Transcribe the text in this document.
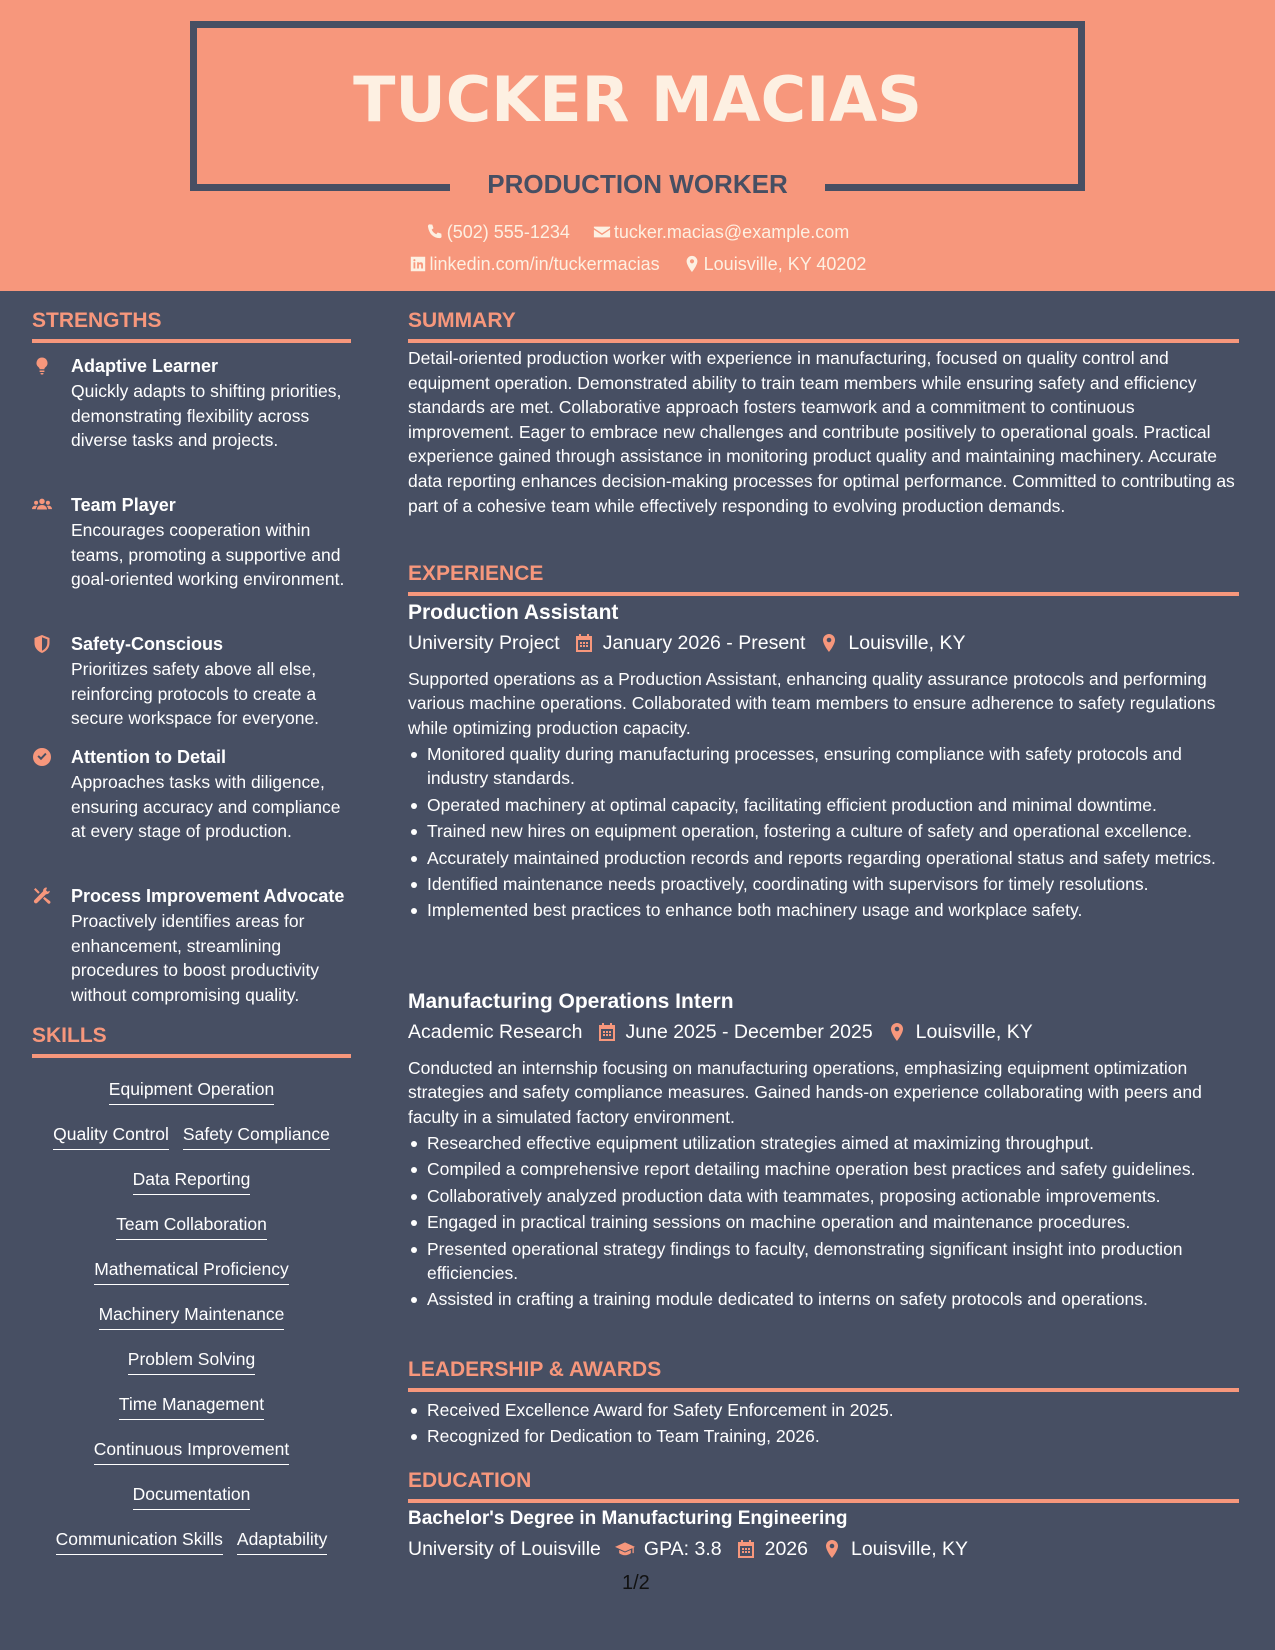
TUCKER MACIAS
PRODUCTION WORKER
(502) 555-1234
tucker.macias@example.com
linkedin.com/in/tuckermacias
Louisville, KY 40202
STRENGTHS
Adaptive Learner
Quickly adapts to shifting priorities, demonstrating flexibility across diverse tasks and projects.
Team Player
Encourages cooperation within teams, promoting a supportive and goal-oriented working environment.
Safety-Conscious
Prioritizes safety above all else, reinforcing protocols to create a secure workspace for everyone.
Attention to Detail
Approaches tasks with diligence, ensuring accuracy and compliance at every stage of production.
Process Improvement Advocate
Proactively identifies areas for enhancement, streamlining procedures to boost productivity without compromising quality.
SKILLS
Equipment Operation
Quality Control Safety Compliance
Data Reporting
Team Collaboration
Mathematical Proficiency
Machinery Maintenance
Problem Solving
Time Management
Continuous Improvement
Documentation
Communication Skills Adaptability
SUMMARY
Detail-oriented production worker with experience in manufacturing, focused on quality control and equipment operation. Demonstrated ability to train team members while ensuring safety and efficiency standards are met. Collaborative approach fosters teamwork and a commitment to continuous improvement. Eager to embrace new challenges and contribute positively to operational goals. Practical experience gained through assistance in monitoring product quality and maintaining machinery. Accurate data reporting enhances decision-making processes for optimal performance. Committed to contributing as part of a cohesive team while effectively responding to evolving production demands.
EXPERIENCE
Production Assistant
University Project January 2026 - Present Louisville, KY
Supported operations as a Production Assistant, enhancing quality assurance protocols and performing various machine operations. Collaborated with team members to ensure adherence to safety regulations while optimizing production capacity.
Monitored quality during manufacturing processes, ensuring compliance with safety protocols and industry standards.
Operated machinery at optimal capacity, facilitating efficient production and minimal downtime.
Trained new hires on equipment operation, fostering a culture of safety and operational excellence.
Accurately maintained production records and reports regarding operational status and safety metrics.
Identified maintenance needs proactively, coordinating with supervisors for timely resolutions.
Implemented best practices to enhance both machinery usage and workplace safety.
Manufacturing Operations Intern
Academic Research June 2025 - December 2025 Louisville, KY
Conducted an internship focusing on manufacturing operations, emphasizing equipment optimization strategies and safety compliance measures. Gained hands-on experience collaborating with peers and faculty in a simulated factory environment.
Researched effective equipment utilization strategies aimed at maximizing throughput.
Compiled a comprehensive report detailing machine operation best practices and safety guidelines.
Collaboratively analyzed production data with teammates, proposing actionable improvements.
Engaged in practical training sessions on machine operation and maintenance procedures.
Presented operational strategy findings to faculty, demonstrating significant insight into production efficiencies.
Assisted in crafting a training module dedicated to interns on safety protocols and operations.
LEADERSHIP & AWARDS
Received Excellence Award for Safety Enforcement in 2025.
Recognized for Dedication to Team Training, 2026.
EDUCATION
Bachelor's Degree in Manufacturing Engineering
University of Louisville GPA: 3.8 2026 Louisville, KY
1/2
